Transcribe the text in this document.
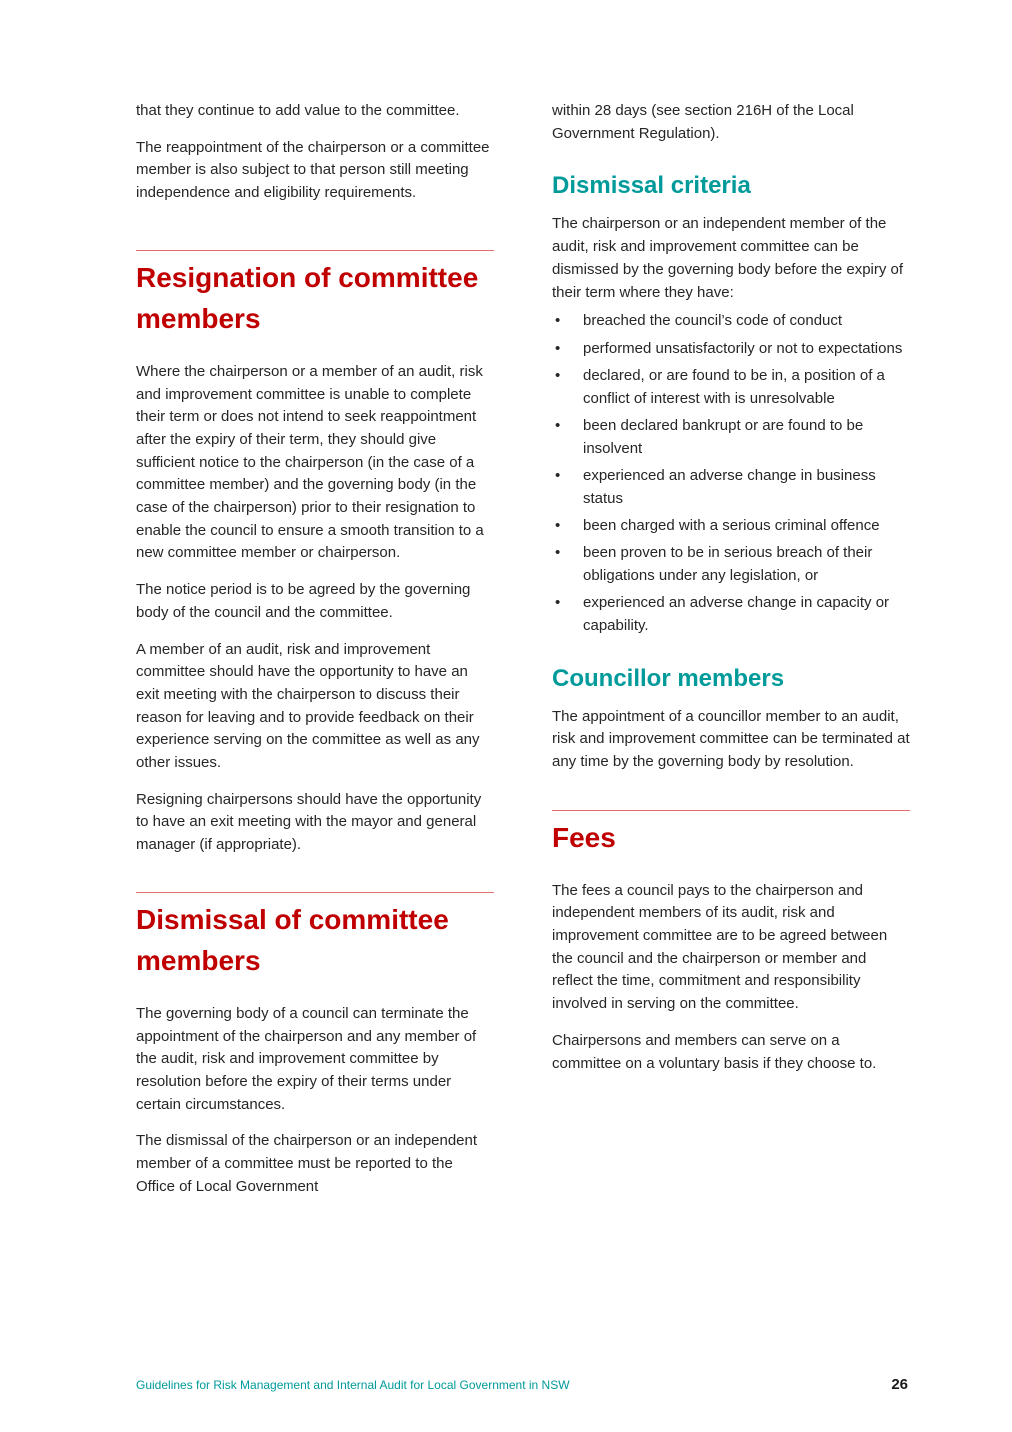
that they continue to add value to the committee.

The reappointment of the chairperson or a committee member is also subject to that person still meeting independence and eligibility requirements.

Resignation of committee members

Where the chairperson or a member of an audit, risk and improvement committee is unable to complete their term or does not intend to seek reappointment after the expiry of their term, they should give sufficient notice to the chairperson (in the case of a committee member) and the governing body (in the case of the chairperson) prior to their resignation to enable the council to ensure a smooth transition to a new committee member or chairperson.

The notice period is to be agreed by the governing body of the council and the committee.

A member of an audit, risk and improvement committee should have the opportunity to have an exit meeting with the chairperson to discuss their reason for leaving and to provide feedback on their experience serving on the committee as well as any other issues.

Resigning chairpersons should have the opportunity to have an exit meeting with the mayor and general manager (if appropriate).

Dismissal of committee members

The governing body of a council can terminate the appointment of the chairperson and any member of the audit, risk and improvement committee by resolution before the expiry of their terms under certain circumstances.

The dismissal of the chairperson or an independent member of a committee must be reported to the Office of Local Government

within 28 days (see section 216H of the Local Government Regulation).

Dismissal criteria

The chairperson or an independent member of the audit, risk and improvement committee can be dismissed by the governing body before the expiry of their term where they have:

• breached the council’s code of conduct
• performed unsatisfactorily or not to expectations
• declared, or are found to be in, a position of a conflict of interest with is unresolvable
• been declared bankrupt or are found to be insolvent
• experienced an adverse change in business status
• been charged with a serious criminal offence
• been proven to be in serious breach of their obligations under any legislation, or
• experienced an adverse change in capacity or capability.
Councillor members

The appointment of a councillor member to an audit, risk and improvement committee can be terminated at any time by the governing body by resolution.

Fees

The fees a council pays to the chairperson and independent members of its audit, risk and improvement committee are to be agreed between the council and the chairperson or member and reflect the time, commitment and responsibility involved in serving on the committee.

Chairpersons and members can serve on a committee on a voluntary basis if they choose to.

Guidelines for Risk Management and Internal Audit for Local Government in NSW	26
